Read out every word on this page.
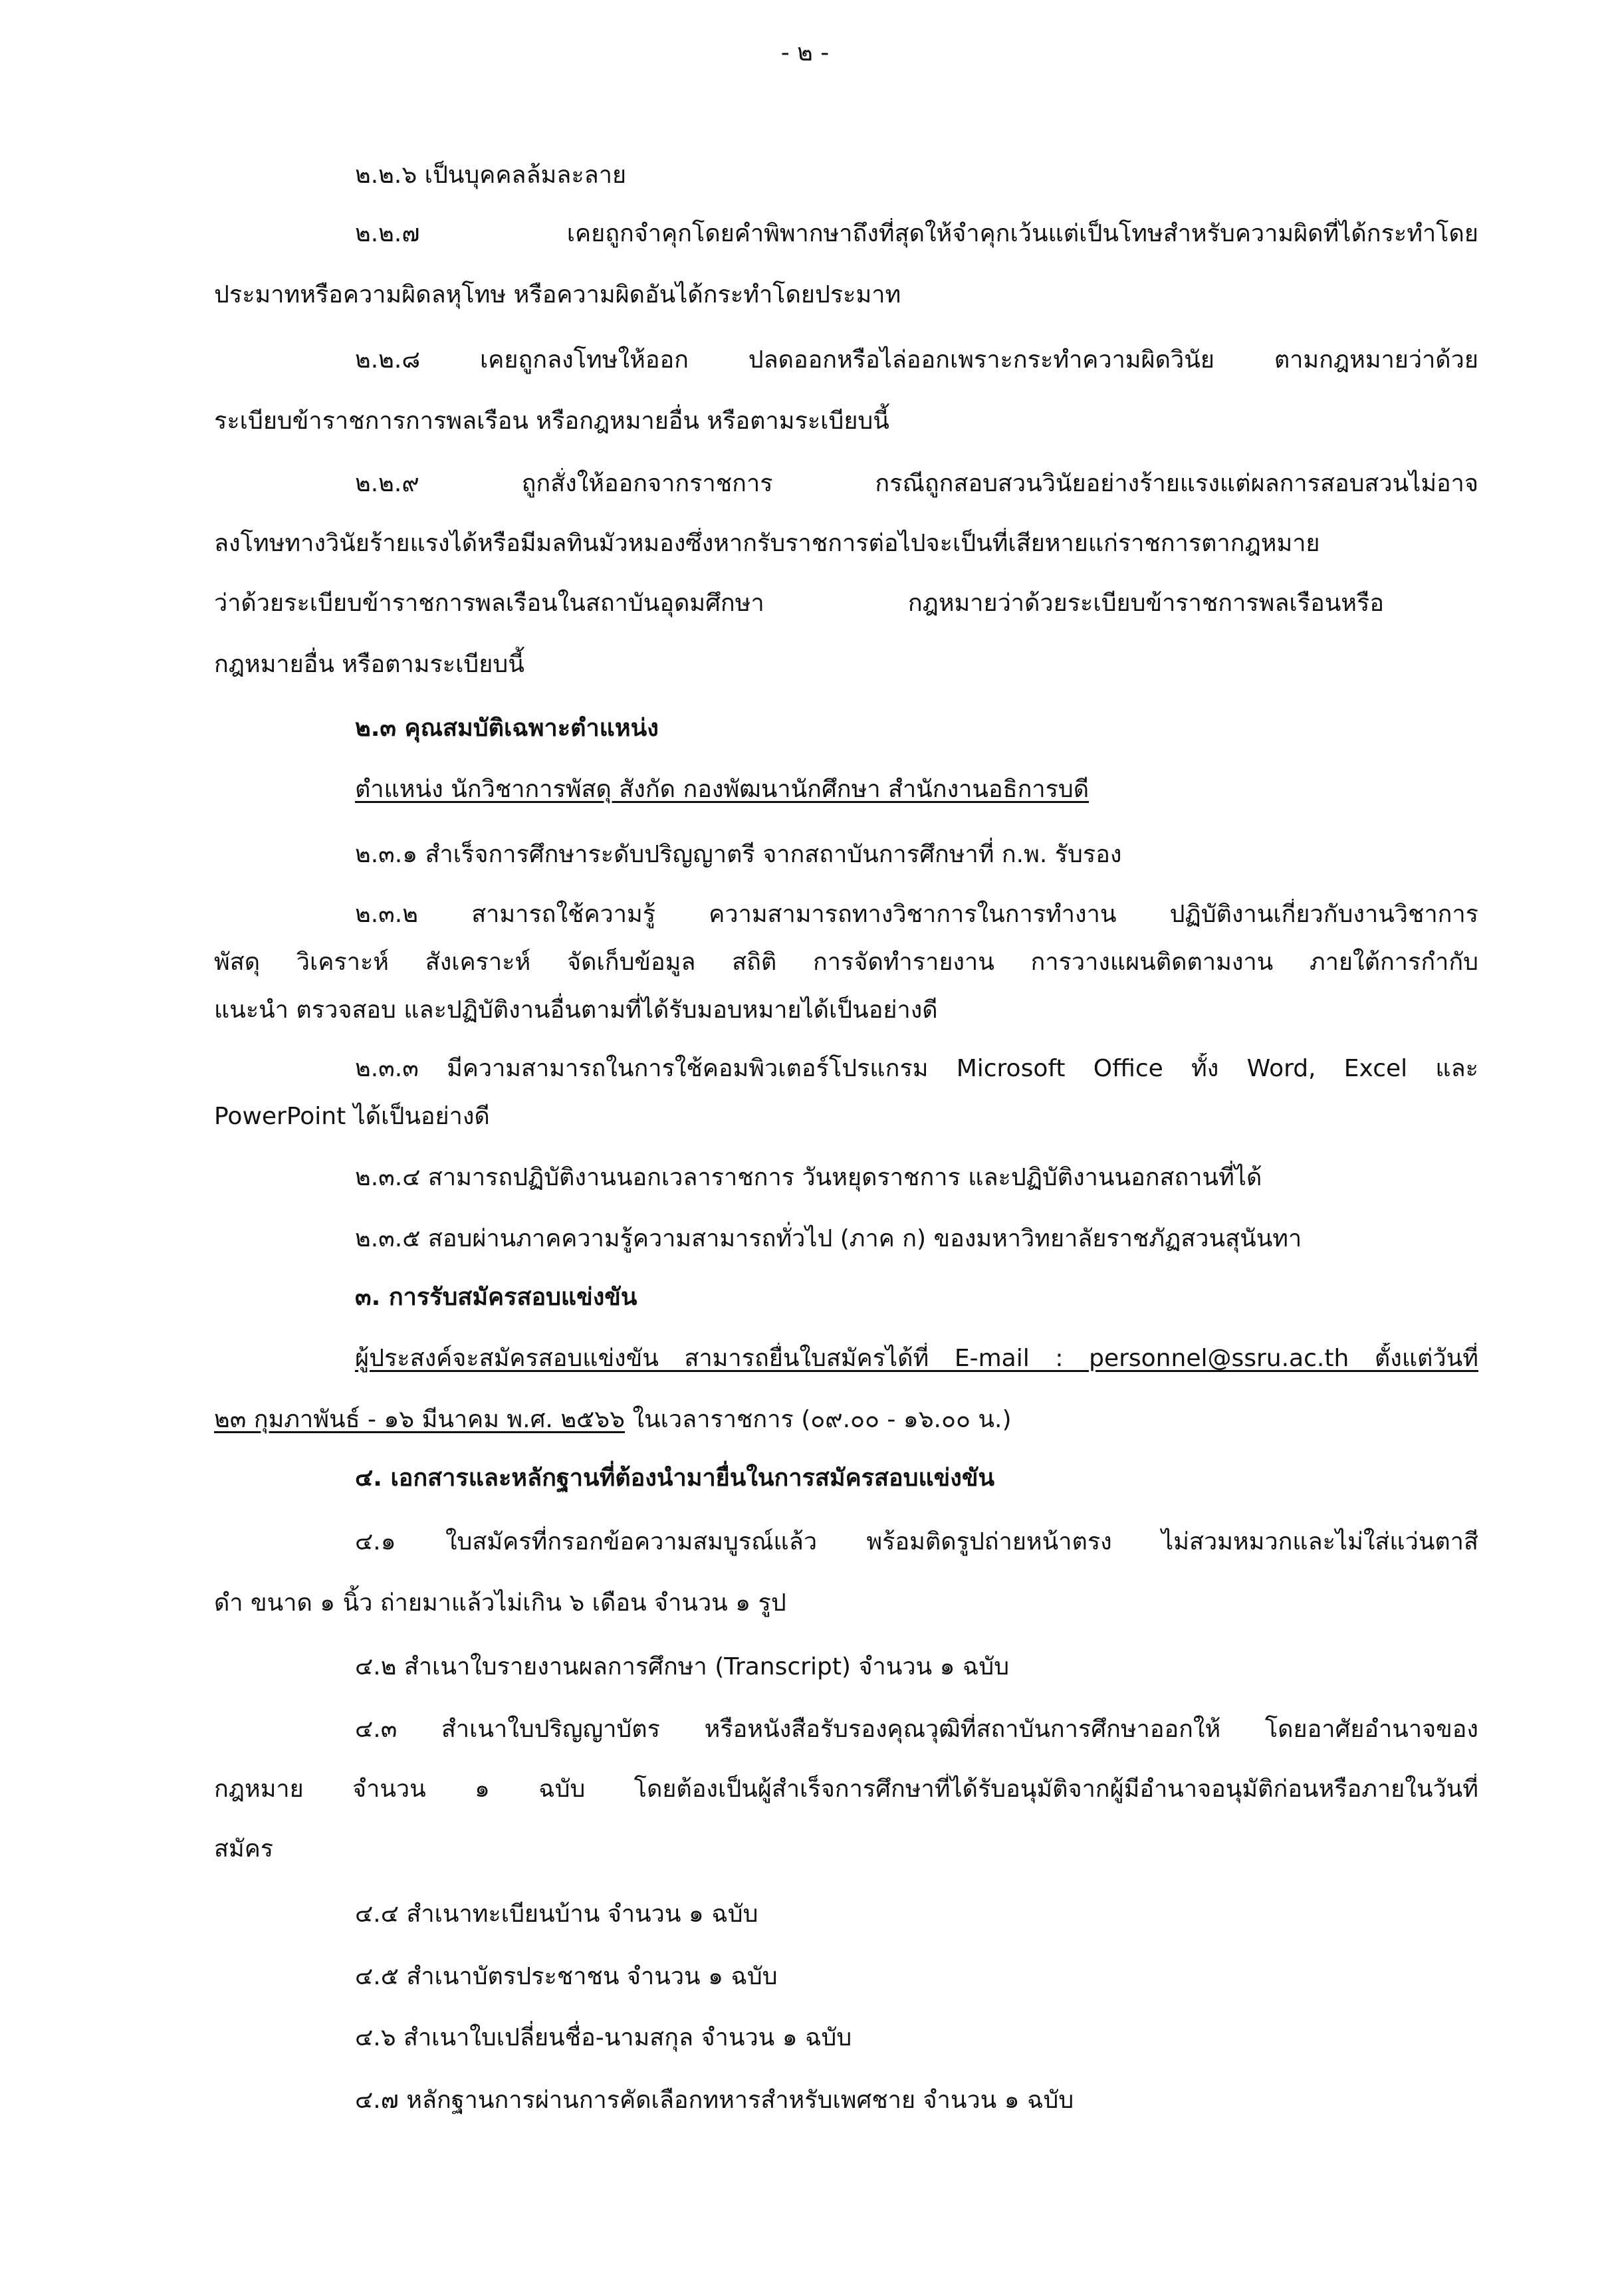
- ๒ -
๒.๒.๖ เป็นบุคคลล้มละลาย
๒.๒.๗ เคยถูกจำคุกโดยคำพิพากษาถึงที่สุดให้จำคุกเว้นแต่เป็นโทษสำหรับความผิดที่ได้กระทำโดย
ประมาทหรือความผิดลหุโทษ หรือความผิดอันได้กระทำโดยประมาท
๒.๒.๘ เคยถูกลงโทษให้ออก ปลดออกหรือไล่ออกเพราะกระทำความผิดวินัย ตามกฎหมายว่าด้วย
ระเบียบข้าราชการการพลเรือน หรือกฎหมายอื่น หรือตามระเบียบนี้
๒.๒.๙ ถูกสั่งให้ออกจากราชการ กรณีถูกสอบสวนวินัยอย่างร้ายแรงแต่ผลการสอบสวนไม่อาจ
ลงโทษทางวินัยร้ายแรงได้หรือมีมลทินมัวหมองซึ่งหากรับราชการต่อไปจะเป็นที่เสียหายแก่ราชการตากฎหมาย
ว่าด้วยระเบียบข้าราชการพลเรือนในสถาบันอุดมศึกษา กฎหมายว่าด้วยระเบียบข้าราชการพลเรือนหรือ
กฎหมายอื่น หรือตามระเบียบนี้
๒.๓ คุณสมบัติเฉพาะตำแหน่ง
ตำแหน่ง นักวิชาการพัสดุ สังกัด กองพัฒนานักศึกษา สำนักงานอธิการบดี
๒.๓.๑ สำเร็จการศึกษาระดับปริญญาตรี จากสถาบันการศึกษาที่ ก.พ. รับรอง
๒.๓.๒ สามารถใช้ความรู้ ความสามารถทางวิชาการในการทำงาน ปฏิบัติงานเกี่ยวกับงานวิชาการ
พัสดุ วิเคราะห์ สังเคราะห์ จัดเก็บข้อมูล สถิติ การจัดทำรายงาน การวางแผนติดตามงาน ภายใต้การกำกับ
แนะนำ ตรวจสอบ และปฏิบัติงานอื่นตามที่ได้รับมอบหมายได้เป็นอย่างดี
๒.๓.๓ มีความสามารถในการใช้คอมพิวเตอร์โปรแกรม Microsoft Office ทั้ง Word, Excel และ
PowerPoint ได้เป็นอย่างดี
๒.๓.๔ สามารถปฏิบัติงานนอกเวลาราชการ วันหยุดราชการ และปฏิบัติงานนอกสถานที่ได้
๒.๓.๕ สอบผ่านภาคความรู้ความสามารถทั่วไป (ภาค ก) ของมหาวิทยาลัยราชภัฏสวนสุนันทา
๓. การรับสมัครสอบแข่งขัน
ผู้ประสงค์จะสมัครสอบแข่งขัน สามารถยื่นใบสมัครได้ที่ E-mail : personnel@ssru.ac.th ตั้งแต่วันที่
๒๓ กุมภาพันธ์ - ๑๖ มีนาคม พ.ศ. ๒๕๖๖ ในเวลาราชการ (๐๙.๐๐ - ๑๖.๐๐ น.)
๔. เอกสารและหลักฐานที่ต้องนำมายื่นในการสมัครสอบแข่งขัน
๔.๑ ใบสมัครที่กรอกข้อความสมบูรณ์แล้ว พร้อมติดรูปถ่ายหน้าตรง ไม่สวมหมวกและไม่ใส่แว่นตาสี
ดำ ขนาด ๑ นิ้ว ถ่ายมาแล้วไม่เกิน ๖ เดือน จำนวน ๑ รูป
๔.๒ สำเนาใบรายงานผลการศึกษา (Transcript) จำนวน ๑ ฉบับ
๔.๓ สำเนาใบปริญญาบัตร หรือหนังสือรับรองคุณวุฒิที่สถาบันการศึกษาออกให้ โดยอาศัยอำนาจของ
กฎหมาย จำนวน ๑ ฉบับ โดยต้องเป็นผู้สำเร็จการศึกษาที่ได้รับอนุมัติจากผู้มีอำนาจอนุมัติก่อนหรือภายในวันที่
สมัคร
๔.๔ สำเนาทะเบียนบ้าน จำนวน ๑ ฉบับ
๔.๕ สำเนาบัตรประชาชน จำนวน ๑ ฉบับ
๔.๖ สำเนาใบเปลี่ยนชื่อ-นามสกุล จำนวน ๑ ฉบับ
๔.๗ หลักฐานการผ่านการคัดเลือกทหารสำหรับเพศชาย จำนวน ๑ ฉบับ
